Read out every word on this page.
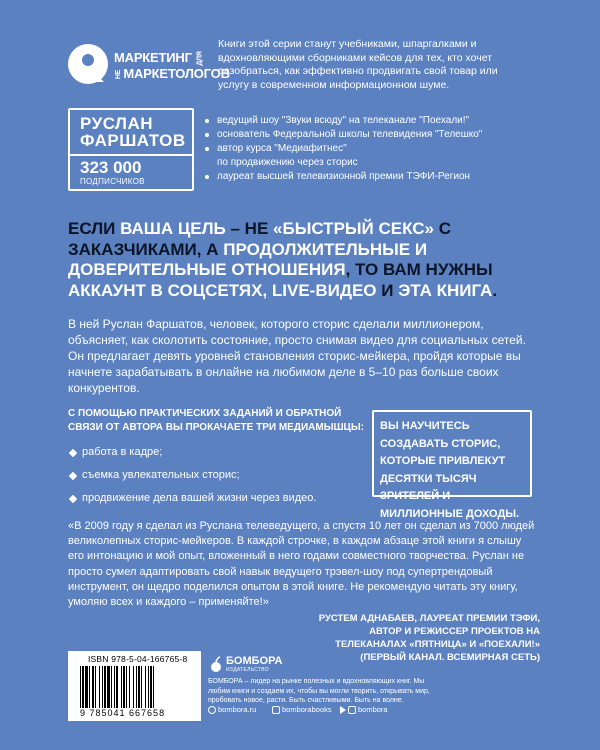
МАРКЕТИНГ ДЛЯ
НЕМАРКЕТОЛОГОВ
Книги этой серии станут учебниками, шпаргалками и вдохновляющими сборниками кейсов для тех, кто хочет разобраться, как эффективно продвигать свой товар или услугу в современном информационном шуме.
РУСЛАН
ФАРШАТОВ
323 000
ПОДПИСЧИКОВ
ведущий шоу "Звуки всюду" на телеканале "Поехали!"
основатель Федеральной школы телевидения "Телешко"
автор курса "Медиафитнес"
по продвижению через сторис
лауреат высшей телевизионной премии ТЭФИ-Регион
ЕСЛИ ВАША ЦЕЛЬ – НЕ «БЫСТРЫЙ СЕКС» С ЗАКАЗЧИКАМИ, А ПРОДОЛЖИТЕЛЬНЫЕ И ДОВЕРИТЕЛЬНЫЕ ОТНОШЕНИЯ, ТО ВАМ НУЖНЫ АККАУНТ В СОЦСЕТЯХ, LIVE-ВИДЕО И ЭТА КНИГА.
В ней Руслан Фаршатов, человек, которого сторис сделали миллионером, объясняет, как сколотить состояние, просто снимая видео для социальных сетей. Он предлагает девять уровней становления сторис-мейкера, пройдя которые вы начнете зарабатывать в онлайне на любимом деле в 5–10 раз больше своих конкурентов.
С ПОМОЩЬЮ ПРАКТИЧЕСКИХ ЗАДАНИЙ И ОБРАТНОЙ СВЯЗИ ОТ АВТОРА ВЫ ПРОКАЧАЕТЕ ТРИ МЕДИАМЫШЦЫ:
работа в кадре;
съемка увлекательных сторис;
продвижение дела вашей жизни через видео.
ВЫ НАУЧИТЕСЬ СОЗДАВАТЬ СТОРИС, КОТОРЫЕ ПРИВЛЕКУТ ДЕСЯТКИ ТЫСЯЧ ЗРИТЕЛЕЙ И МИЛЛИОННЫЕ ДОХОДЫ.
«В 2009 году я сделал из Руслана телеведущего, а спустя 10 лет он сделал из 7000 людей великолепных сторис-мейкеров. В каждой строчке, в каждом абзаце этой книги я слышу его интонацию и мой опыт, вложенный в него годами совместного творчества. Руслан не просто сумел адаптировать свой навык ведущего трэвел-шоу под супертрендовый инструмент, он щедро поделился опытом в этой книге. Не рекомендую читать эту книгу, умоляю всех и каждого – применяйте!»
РУСТЕМ АДНАБАЕВ, ЛАУРЕАТ ПРЕМИИ ТЭФИ, АВТОР И РЕЖИССЕР ПРОЕКТОВ НА ТЕЛЕКАНАЛАХ «ПЯТНИЦА» И «ПОЕХАЛИ!» (ПЕРВЫЙ КАНАЛ. ВСЕМИРНАЯ СЕТЬ)
ISBN 978-5-04-166765-8
9 785041 667658
БОМБОРА
ИЗДАТЕЛЬСТВО
БОМБОРА – лидер на рынке полезных и вдохновляющих книг. Мы любим книги и создаем их, чтобы вы могли творить, открывать мир, пробовать новое, расти. Быть счастливыми. Быть на волне.
bombora.ru	bomborabooks	bombora
